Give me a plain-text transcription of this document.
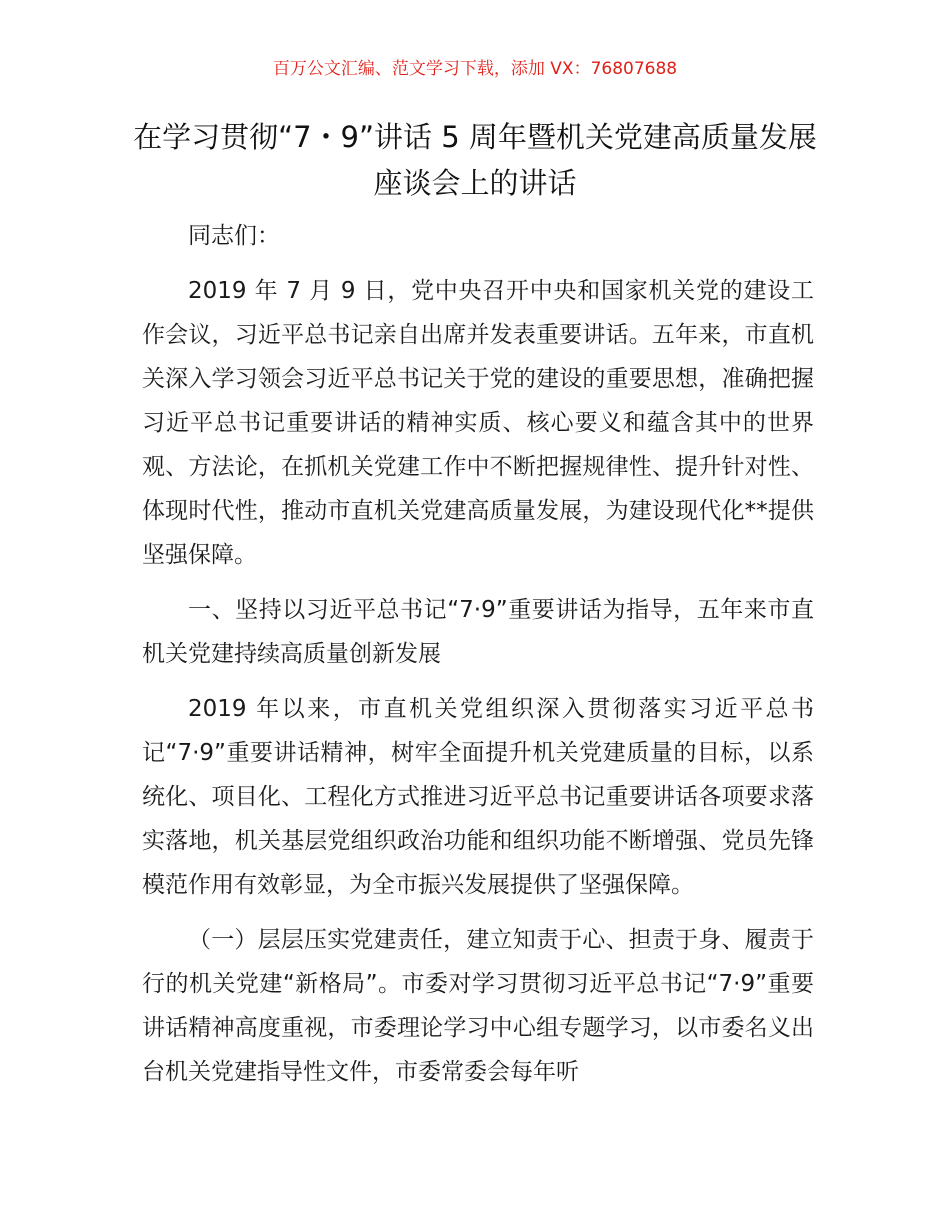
百万公文汇编、范文学习下载，添加 VX：76807688
在学习贯彻“7・9”讲话 5 周年暨机关党建高质量发展座谈会上的讲话

同志们：

2019 年 7 月 9 日，党中央召开中央和国家机关党的建设工作会议，习近平总书记亲自出席并发表重要讲话。五年来，市直机关深入学习领会习近平总书记关于党的建设的重要思想，准确把握习近平总书记重要讲话的精神实质、核心要义和蕴含其中的世界观、方法论，在抓机关党建工作中不断把握规律性、提升针对性、体现时代性，推动市直机关党建高质量发展，为建设现代化**提供坚强保障。

一、坚持以习近平总书记“7·9”重要讲话为指导，五年来市直机关党建持续高质量创新发展

2019 年以来，市直机关党组织深入贯彻落实习近平总书记“7·9”重要讲话精神，树牢全面提升机关党建质量的目标，以系统化、项目化、工程化方式推进习近平总书记重要讲话各项要求落实落地，机关基层党组织政治功能和组织功能不断增强、党员先锋模范作用有效彰显，为全市振兴发展提供了坚强保障。

（一）层层压实党建责任，建立知责于心、担责于身、履责于行的机关党建“新格局”。市委对学习贯彻习近平总书记“7·9”重要讲话精神高度重视，市委理论学习中心组专题学习，以市委名义出台机关党建指导性文件，市委常委会每年听
